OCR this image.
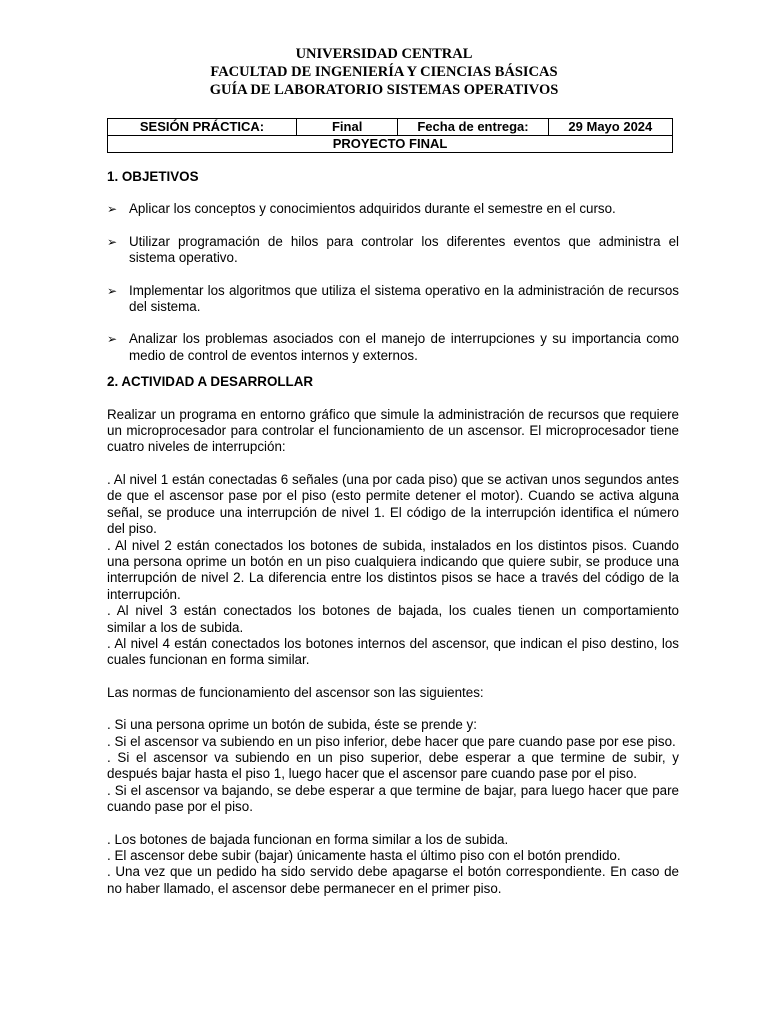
UNIVERSIDAD CENTRAL
FACULTAD DE INGENIERÍA Y CIENCIAS BÁSICAS
GUÍA DE LABORATORIO SISTEMAS OPERATIVOS
SESIÓN PRÁCTICA:	Final	Fecha de entrega:	29 Mayo 2024
PROYECTO FINAL

1. OBJETIVOS

➢ Aplicar los conceptos y conocimientos adquiridos durante el semestre en el curso.
➢ Utilizar programación de hilos para controlar los diferentes eventos que administra el sistema operativo.
➢ Implementar los algoritmos que utiliza el sistema operativo en la administración de recursos del sistema.
➢ Analizar los problemas asociados con el manejo de interrupciones y su importancia como medio de control de eventos internos y externos.

2. ACTIVIDAD A DESARROLLAR

Realizar un programa en entorno gráfico que simule la administración de recursos que requiere un microprocesador para controlar el funcionamiento de un ascensor. El microprocesador tiene cuatro niveles de interrupción:

. Al nivel 1 están conectadas 6 señales (una por cada piso) que se activan unos segundos antes de que el ascensor pase por el piso (esto permite detener el motor). Cuando se activa alguna señal, se produce una interrupción de nivel 1. El código de la interrupción identifica el número del piso.

. Al nivel 2 están conectados los botones de subida, instalados en los distintos pisos. Cuando una persona oprime un botón en un piso cualquiera indicando que quiere subir, se produce una interrupción de nivel 2. La diferencia entre los distintos pisos se hace a través del código de la interrupción.

. Al nivel 3 están conectados los botones de bajada, los cuales tienen un comportamiento similar a los de subida.

. Al nivel 4 están conectados los botones internos del ascensor, que indican el piso destino, los cuales funcionan en forma similar.

Las normas de funcionamiento del ascensor son las siguientes:

. Si una persona oprime un botón de subida, éste se prende y:

. Si el ascensor va subiendo en un piso inferior, debe hacer que pare cuando pase por ese piso.

. Si el ascensor va subiendo en un piso superior, debe esperar a que termine de subir, y después bajar hasta el piso 1, luego hacer que el ascensor pare cuando pase por el piso.

. Si el ascensor va bajando, se debe esperar a que termine de bajar, para luego hacer que pare cuando pase por el piso.

. Los botones de bajada funcionan en forma similar a los de subida.

. El ascensor debe subir (bajar) únicamente hasta el último piso con el botón prendido.

. Una vez que un pedido ha sido servido debe apagarse el botón correspondiente. En caso de no haber llamado, el ascensor debe permanecer en el primer piso.
